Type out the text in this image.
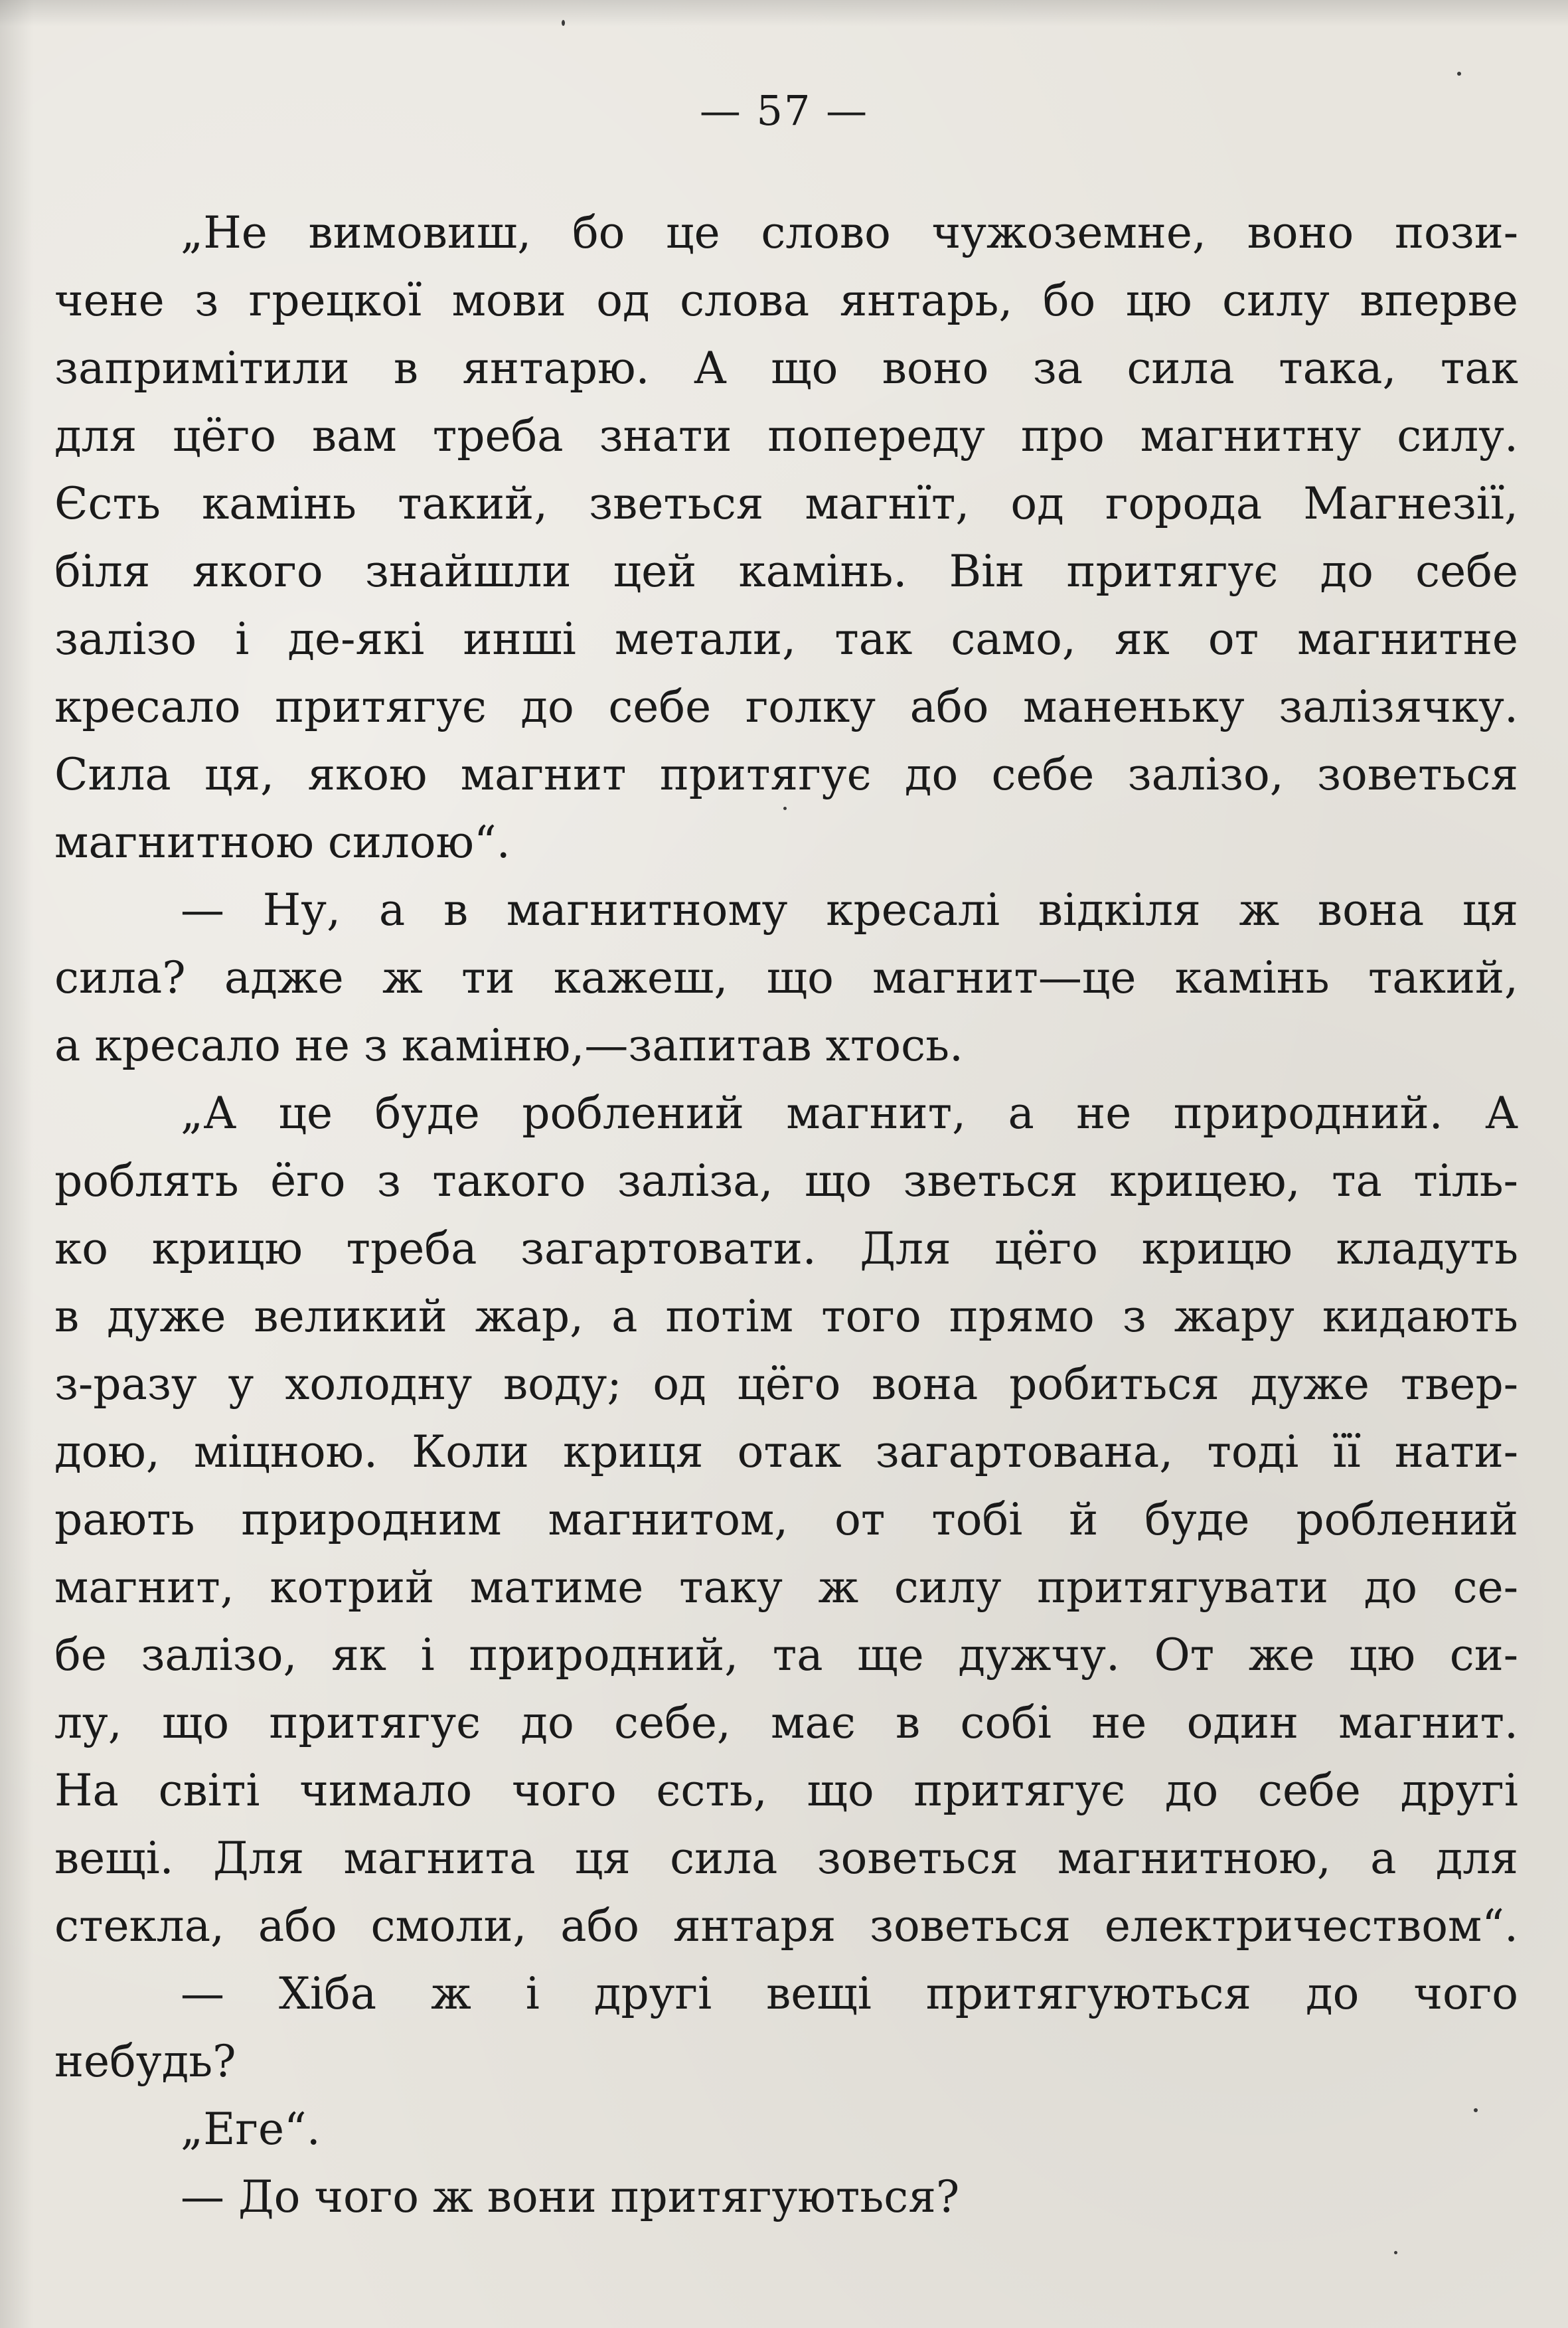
— 57 —
„Не вимовиш, бо це слово чужоземне, воно пози-
чене з грецкої мови од слова янтарь, бо цю силу вперве
запримітили в янтарю. А що воно за сила така, так
для цёго вам треба знати попереду про магнитну силу.
Єсть камінь такий, зветься магнїт, од города Магнезії,
біля якого знайшли цей камінь. Він притягує до себе
залізо і де-які инші метали, так само, як от магнитне
кресало притягує до себе голку або маненьку залізячку.
Сила ця, якою магнит притягує до себе залізо, зоветься
магнитною силою“.
— Ну, а в магнитному кресалі відкіля ж вона ця
сила? адже ж ти кажеш, що магнит—це камінь такий,
а кресало не з каміню,—запитав хтось.
„А це буде роблений магнит, а не природний. А
роблять ёго з такого заліза, що зветься крицею, та тіль-
ко крицю треба загартовати. Для цёго крицю кладуть
в дуже великий жар, а потім того прямо з жару кидають
з-разу у холодну воду; од цёго вона робиться дуже твер-
дою, міцною. Коли криця отак загартована, тоді її нати-
рають природним магнитом, от тобі й буде роблений
магнит, котрий матиме таку ж силу притягувати до се-
бе залізо, як і природний, та ще дужчу. От же цю си-
лу, що притягує до себе, має в собі не один магнит.
На світі чимало чого єсть, що притягує до себе другі
вещі. Для магнита ця сила зоветься магнитною, а для
стекла, або смоли, або янтаря зоветься електричеством“.
— Хіба ж і другі вещі притягуються до чого
небудь?
„Еге“.
— До чого ж вони притягуються?
